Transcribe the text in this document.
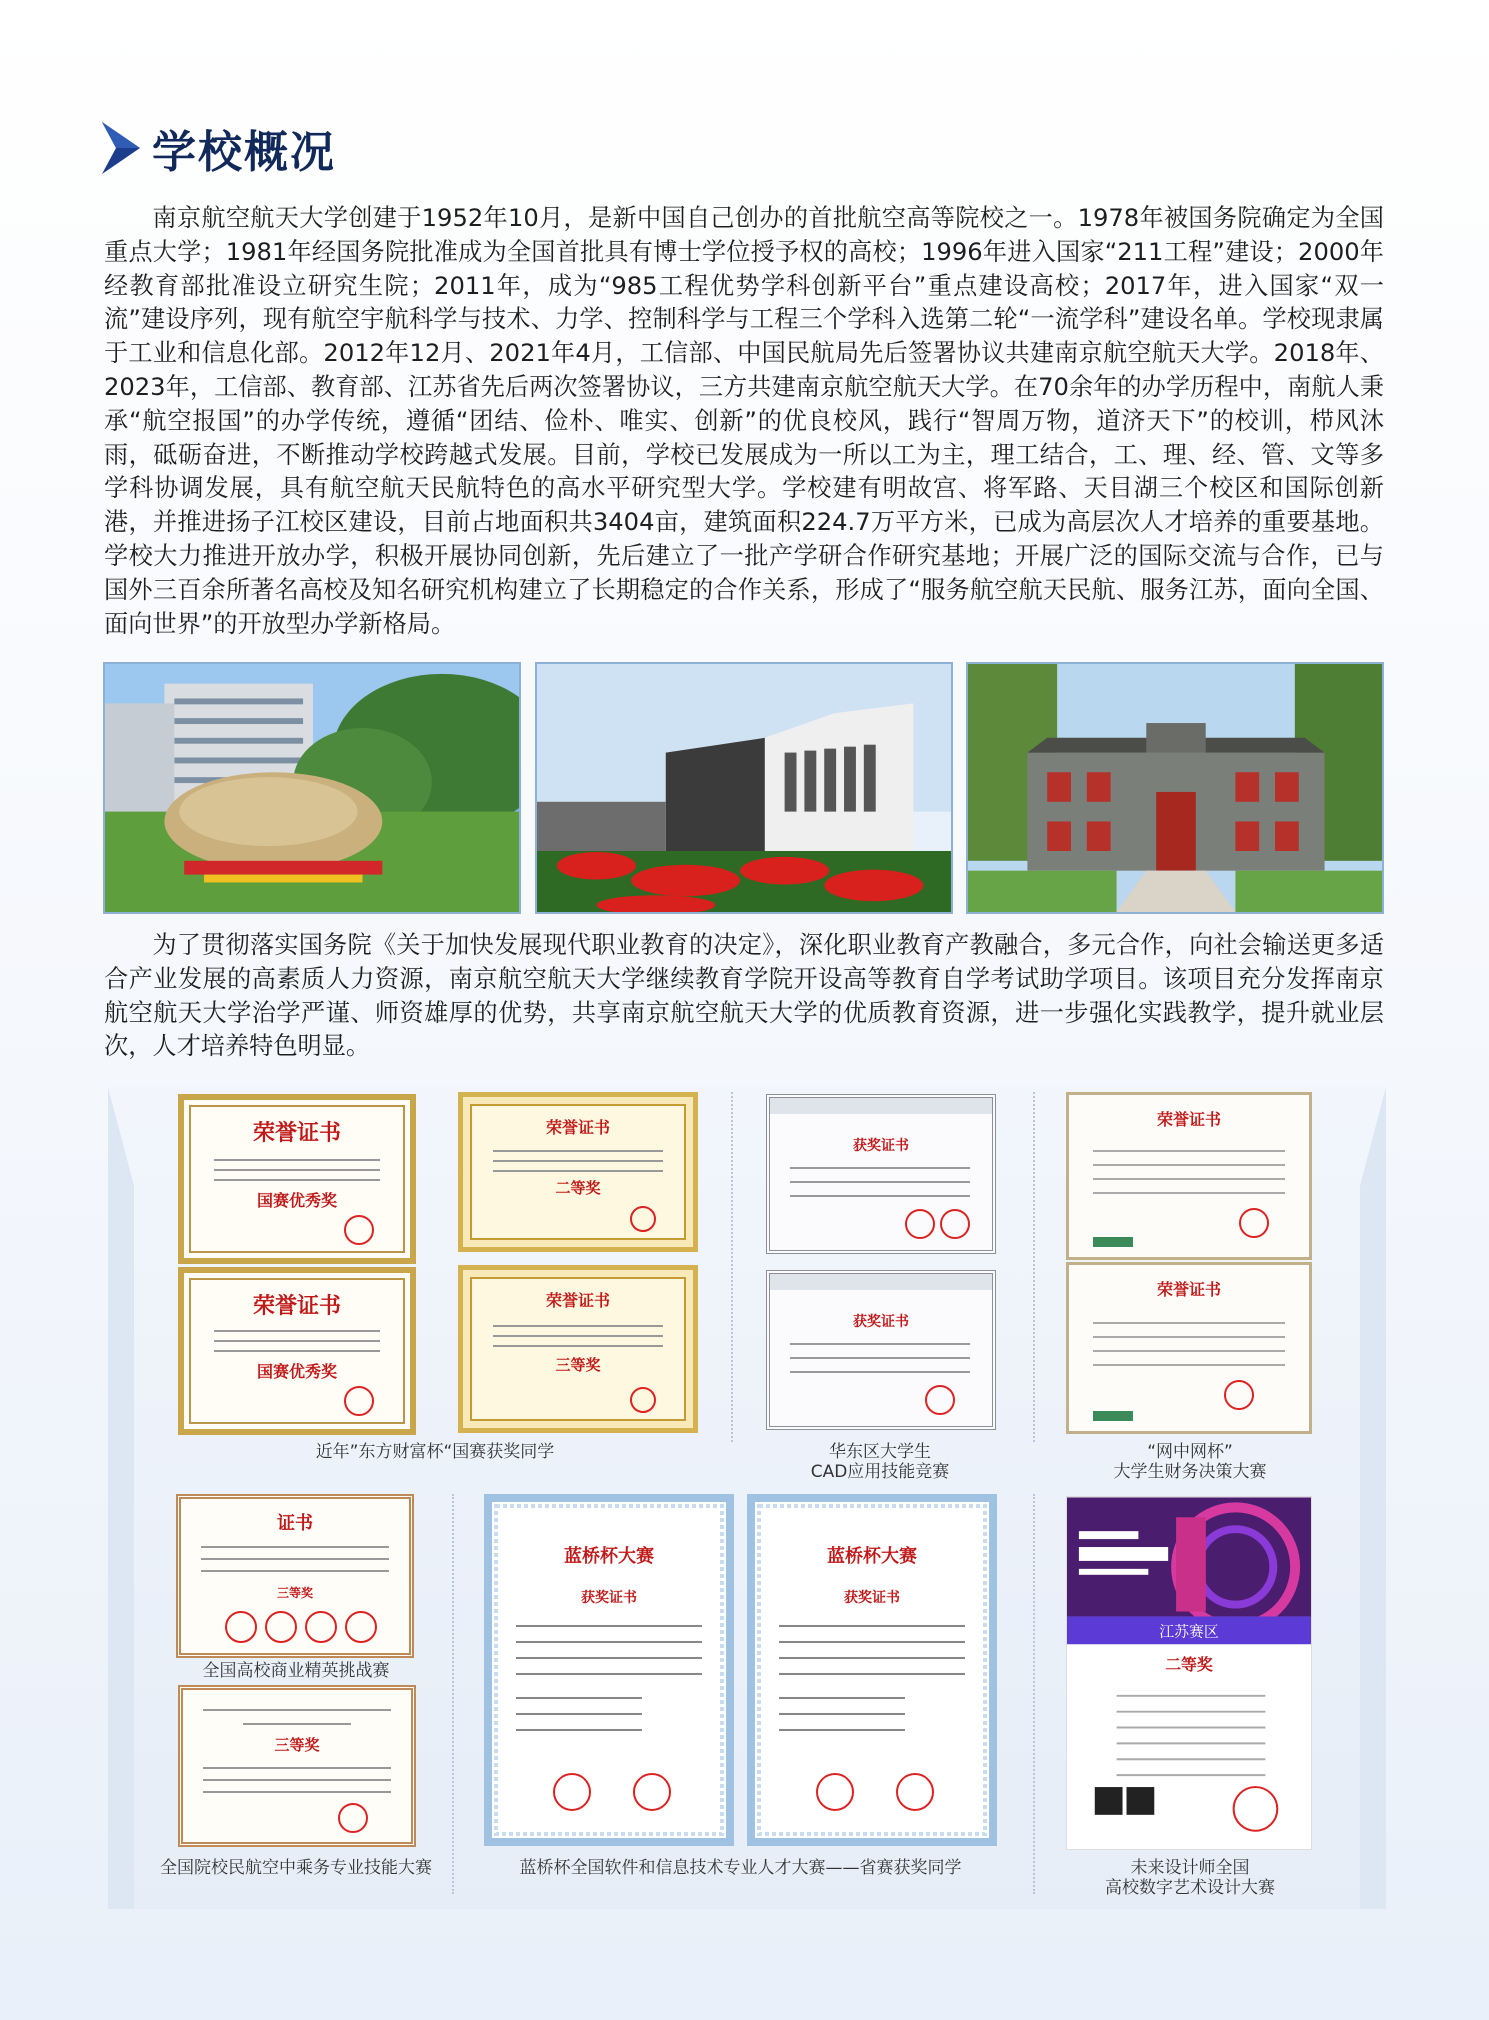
学校概况

南京航空航天大学创建于1952年10月，是新中国自己创办的首批航空高等院校之一。1978年被国务院确定为全国重点大学；1981年经国务院批准成为全国首批具有博士学位授予权的高校；1996年进入国家“211工程”建设；2000年经教育部批准设立研究生院；2011年，成为“985工程优势学科创新平台”重点建设高校；2017年，进入国家“双一流”建设序列，现有航空宇航科学与技术、力学、控制科学与工程三个学科入选第二轮“一流学科”建设名单。学校现隶属于工业和信息化部。2012年12月、2021年4月，工信部、中国民航局先后签署协议共建南京航空航天大学。2018年、2023年，工信部、教育部、江苏省先后两次签署协议，三方共建南京航空航天大学。在70余年的办学历程中，南航人秉承“航空报国”的办学传统，遵循“团结、俭朴、唯实、创新”的优良校风，践行“智周万物，道济天下”的校训，栉风沐雨，砥砺奋进，不断推动学校跨越式发展。目前，学校已发展成为一所以工为主，理工结合，工、理、经、管、文等多学科协调发展，具有航空航天民航特色的高水平研究型大学。学校建有明故宫、将军路、天目湖三个校区和国际创新港，并推进扬子江校区建设，目前占地面积共3404亩，建筑面积224.7万平方米，已成为高层次人才培养的重要基地。学校大力推进开放办学，积极开展协同创新，先后建立了一批产学研合作研究基地；开展广泛的国际交流与合作，已与国外三百余所著名高校及知名研究机构建立了长期稳定的合作关系，形成了“服务航空航天民航、服务江苏，面向全国、面向世界”的开放型办学新格局。

为了贯彻落实国务院《关于加快发展现代职业教育的决定》，深化职业教育产教融合，多元合作，向社会输送更多适合产业发展的高素质人力资源，南京航空航天大学继续教育学院开设高等教育自学考试助学项目。该项目充分发挥南京航空航天大学治学严谨、师资雄厚的优势，共享南京航空航天大学的优质教育资源，进一步强化实践教学，提升就业层次，人才培养特色明显。

荣誉证书
国赛优秀奖
荣誉证书
国赛优秀奖
荣誉证书
二等奖
荣誉证书
三等奖
获奖证书
获奖证书
荣誉证书
荣誉证书
近年”东方财富杯“国赛获奖同学	华东区大学生
CAD应用技能竞赛
“网中网杯”
大学生财务决策大赛
证书
三等奖
全国高校商业精英挑战赛
三等奖
全国院校民航空中乘务专业技能大赛
蓝桥杯大赛
获奖证书
蓝桥杯大赛
获奖证书
蓝桥杯全国软件和信息技术专业人才大赛——省赛获奖同学
江苏赛区
二等奖
未来设计师全国
高校数字艺术设计大赛
